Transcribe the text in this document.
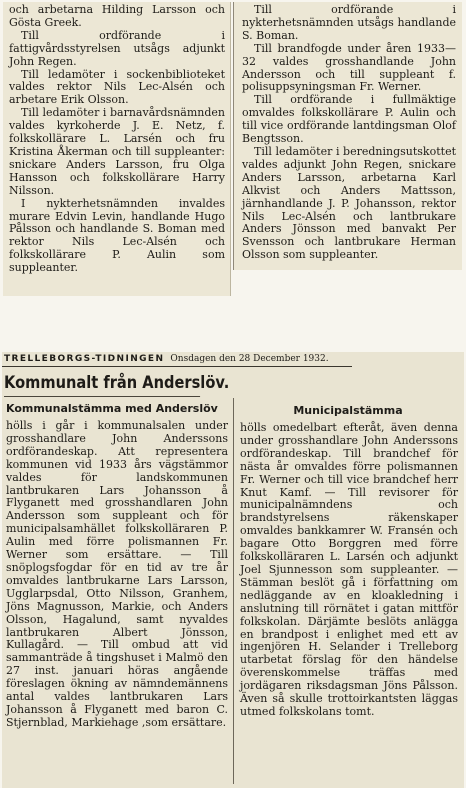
och arbetarna Hilding Larsson och Gösta Greek.

Till ordförande i fattigvårdsstyrelsen utsågs adjunkt John Regen.

Till ledamöter i sockenbiblioteket valdes rektor Nils Lec-Alsén och arbetare Erik Olsson.

Till ledamöter i barnavårdsnämnden valdes kyrkoherde J. E. Netz, f. folkskollärare L. Larsén och fru Kristina Åkerman och till suppleanter: snickare Anders Larsson, fru Olga Hansson och folkskollärare Harry Nilsson.

I nykterhetsnämnden invaldes murare Edvin Levin, handlande Hugo Pålsson och handlande S. Boman med rektor Nils Lec-Alsén och folkskollärare P. Aulin som suppleanter.

Till ordförande i nykterhetsnämnden utsågs handlande S. Boman.

Till brandfogde under åren 1933—32 valdes grosshandlande John Andersson och till suppleant f. polisuppsyningsman Fr. Werner.

Till ordförande i fullmäktige omvaldes folkskollärare P. Aulin och till vice ordförande lantdingsman Olof Bengtsson.

Till ledamöter i beredningsutskottet valdes adjunkt John Regen, snickare Anders Larsson, arbetarna Karl Alkvist och Anders Mattsson, järnhandlande J. P. Johansson, rektor Nils Lec-Alsén och lantbrukare Anders Jönsson med banvakt Per Svensson och lantbrukare Herman Olsson som suppleanter.

TRELLEBORGS-TIDNINGEN Onsdagen den 28 December 1932.
Kommunalt från Anderslöv.
Kommunalstämma med Anderslöv	Municipalstämma

hölls i går i kommunalsalen under grosshandlare John Anderssons ordförandeskap. Att representera kommunen vid 1933 års vägstämmor valdes för landskommunen lantbrukaren Lars Johansson å Flyganett med grosshandlaren John Andersson som suppleant och för municipalsamhället folkskolläraren P. Aulin med förre polismannen Fr. Werner som ersättare. — Till snöplogsfogdar för en tid av tre år omvaldes lantbrukarne Lars Larsson, Ugglarpsdal, Otto Nilsson, Granhem, Jöns Magnusson, Markie, och Anders Olsson, Hagalund, samt nyvaldes lantbrukaren Albert Jönsson, Kullagård. — Till ombud att vid sammanträde å tingshuset i Malmö den 27 inst. januari höras angående föreslagen ökning av nämndemännens antal valdes lantbrukaren Lars Johansson å Flyganett med baron C. Stjernblad, Markiehage ,som ersättare.

hölls omedelbart efteråt, även denna under grosshandlare John Anderssons ordförandeskap. Till brandchef för nästa år omvaldes förre polismannen Fr. Werner och till vice brandchef herr Knut Kamf. — Till revisorer för municipalnämndens och brandstyrelsens räkenskaper omvaldes bankkamrer W. Fransén och bagare Otto Borggren med förre folkskolläraren L. Larsén och adjunkt Joel Sjunnesson som suppleanter. — Stämman beslöt gå i författning om nedläggande av en kloakledning i anslutning till rörnätet i gatan mittför folkskolan. Därjämte beslöts anlägga en brandpost i enlighet med ett av ingenjören H. Selander i Trelleborg utarbetat förslag för den händelse överenskommelse träffas med jordägaren riksdagsman Jöns Pålsson. Även så skulle trottoirkantsten läggas utmed folkskolans tomt.
